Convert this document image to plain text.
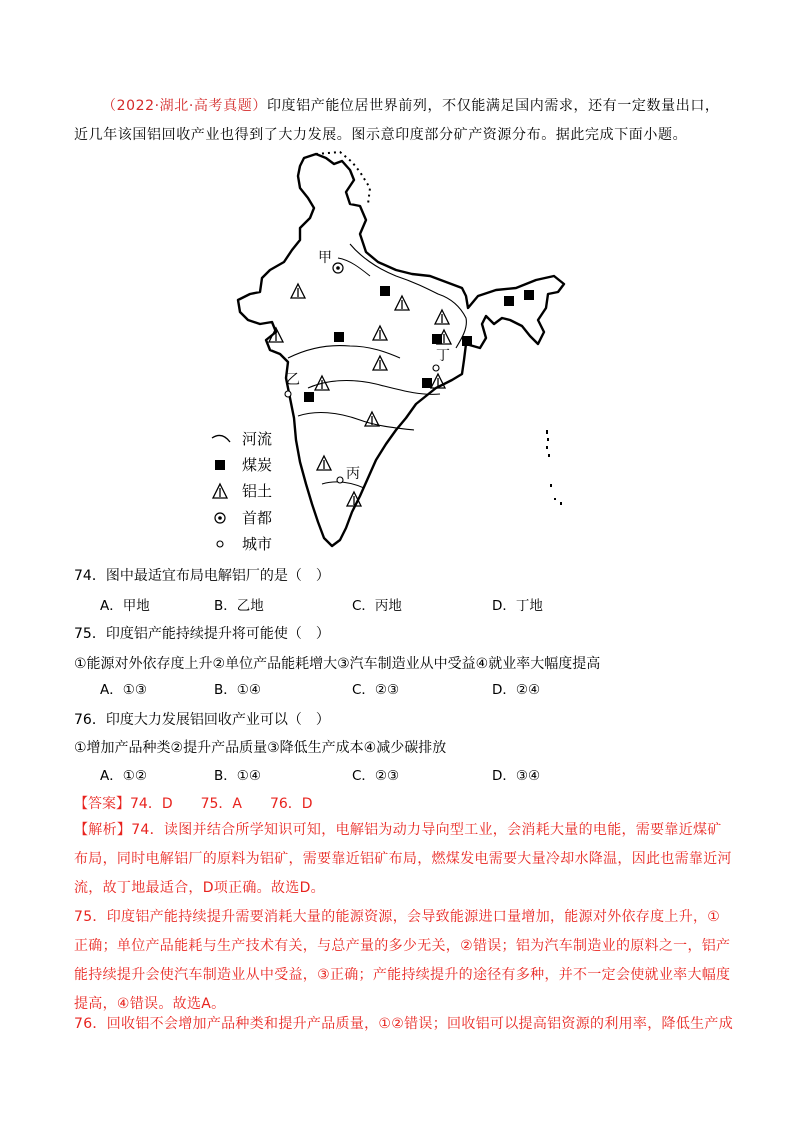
（2022·湖北·高考真题）印度铝产能位居世界前列，不仅能满足国内需求，还有一定数量出口，近几年该国铝回收产业也得到了大力发展。图示意印度部分矿产资源分布。据此完成下面小题。

甲
丁
乙
丙
河流
煤炭
铝土
首都
城市

74．图中最适宜布局电解铝厂的是（　）

A．甲地	B．乙地	C．丙地	D．丁地

75．印度铝产能持续提升将可能使（　）

①能源对外依存度上升②单位产品能耗增大③汽车制造业从中受益④就业率大幅度提高

A．①③	B．①④	C．②③	D．②④

76．印度大力发展铝回收产业可以（　）

①增加产品种类②提升产品质量③降低生产成本④减少碳排放

A．①②	B．①④	C．②③	D．③④

【答案】74．D　　75．A　　76．D

【解析】74．读图并结合所学知识可知，电解铝为动力导向型工业，会消耗大量的电能，需要靠近煤矿布局，同时电解铝厂的原料为铝矿，需要靠近铝矿布局，燃煤发电需要大量冷却水降温，因此也需靠近河流，故丁地最适合，D项正确。故选D。

75．印度铝产能持续提升需要消耗大量的能源资源，会导致能源进口量增加，能源对外依存度上升，①正确；单位产品能耗与生产技术有关，与总产量的多少无关，②错误；铝为汽车制造业的原料之一，铝产能持续提升会使汽车制造业从中受益，③正确；产能持续提升的途径有多种，并不一定会使就业率大幅度提高，④错误。故选A。

76．回收铝不会增加产品种类和提升产品质量，①②错误；回收铝可以提高铝资源的利用率，降低生产成
